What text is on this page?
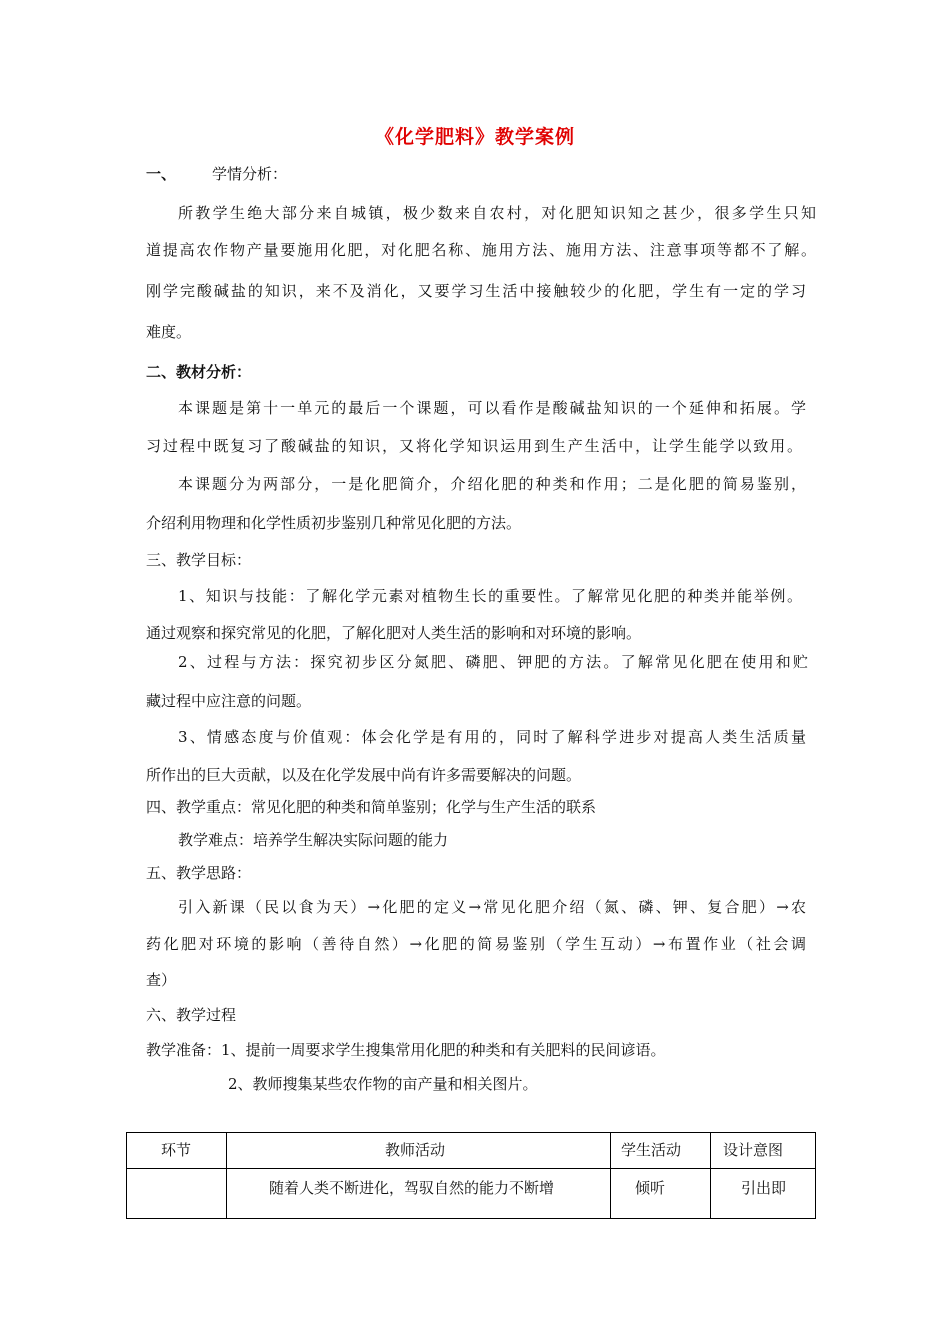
《化学肥料》教学案例
一、 学情分析：
所教学生绝大部分来自城镇，极少数来自农村，对化肥知识知之甚少，很多学生只知
道提高农作物产量要施用化肥，对化肥名称、施用方法、施用方法、注意事项等都不了解。
刚学完酸碱盐的知识，来不及消化，又要学习生活中接触较少的化肥，学生有一定的学习
难度。
二、教材分析：
本课题是第十一单元的最后一个课题，可以看作是酸碱盐知识的一个延伸和拓展。学
习过程中既复习了酸碱盐的知识，又将化学知识运用到生产生活中，让学生能学以致用。
本课题分为两部分，一是化肥简介，介绍化肥的种类和作用；二是化肥的简易鉴别，
介绍利用物理和化学性质初步鉴别几种常见化肥的方法。
三、教学目标：
1、知识与技能：了解化学元素对植物生长的重要性。了解常见化肥的种类并能举例。
通过观察和探究常见的化肥，了解化肥对人类生活的影响和对环境的影响。
2、过程与方法：探究初步区分氮肥、磷肥、钾肥的方法。了解常见化肥在使用和贮
藏过程中应注意的问题。
3、情感态度与价值观：体会化学是有用的，同时了解科学进步对提高人类生活质量
所作出的巨大贡献，以及在化学发展中尚有许多需要解决的问题。
四、教学重点：常见化肥的种类和简单鉴别；化学与生产生活的联系
教学难点：培养学生解决实际问题的能力
五、教学思路：
引入新课（民以食为天）→化肥的定义→常见化肥介绍（氮、磷、钾、复合肥）→农
药化肥对环境的影响（善待自然）→化肥的简易鉴别（学生互动）→布置作业（社会调
查）
六、教学过程
教学准备：1、提前一周要求学生搜集常用化肥的种类和有关肥料的民间谚语。
2、教师搜集某些农作物的亩产量和相关图片。
环节	教师活动	学生活动	设计意图

	随着人类不断进化，驾驭自然的能力不断增	倾听	引出即
